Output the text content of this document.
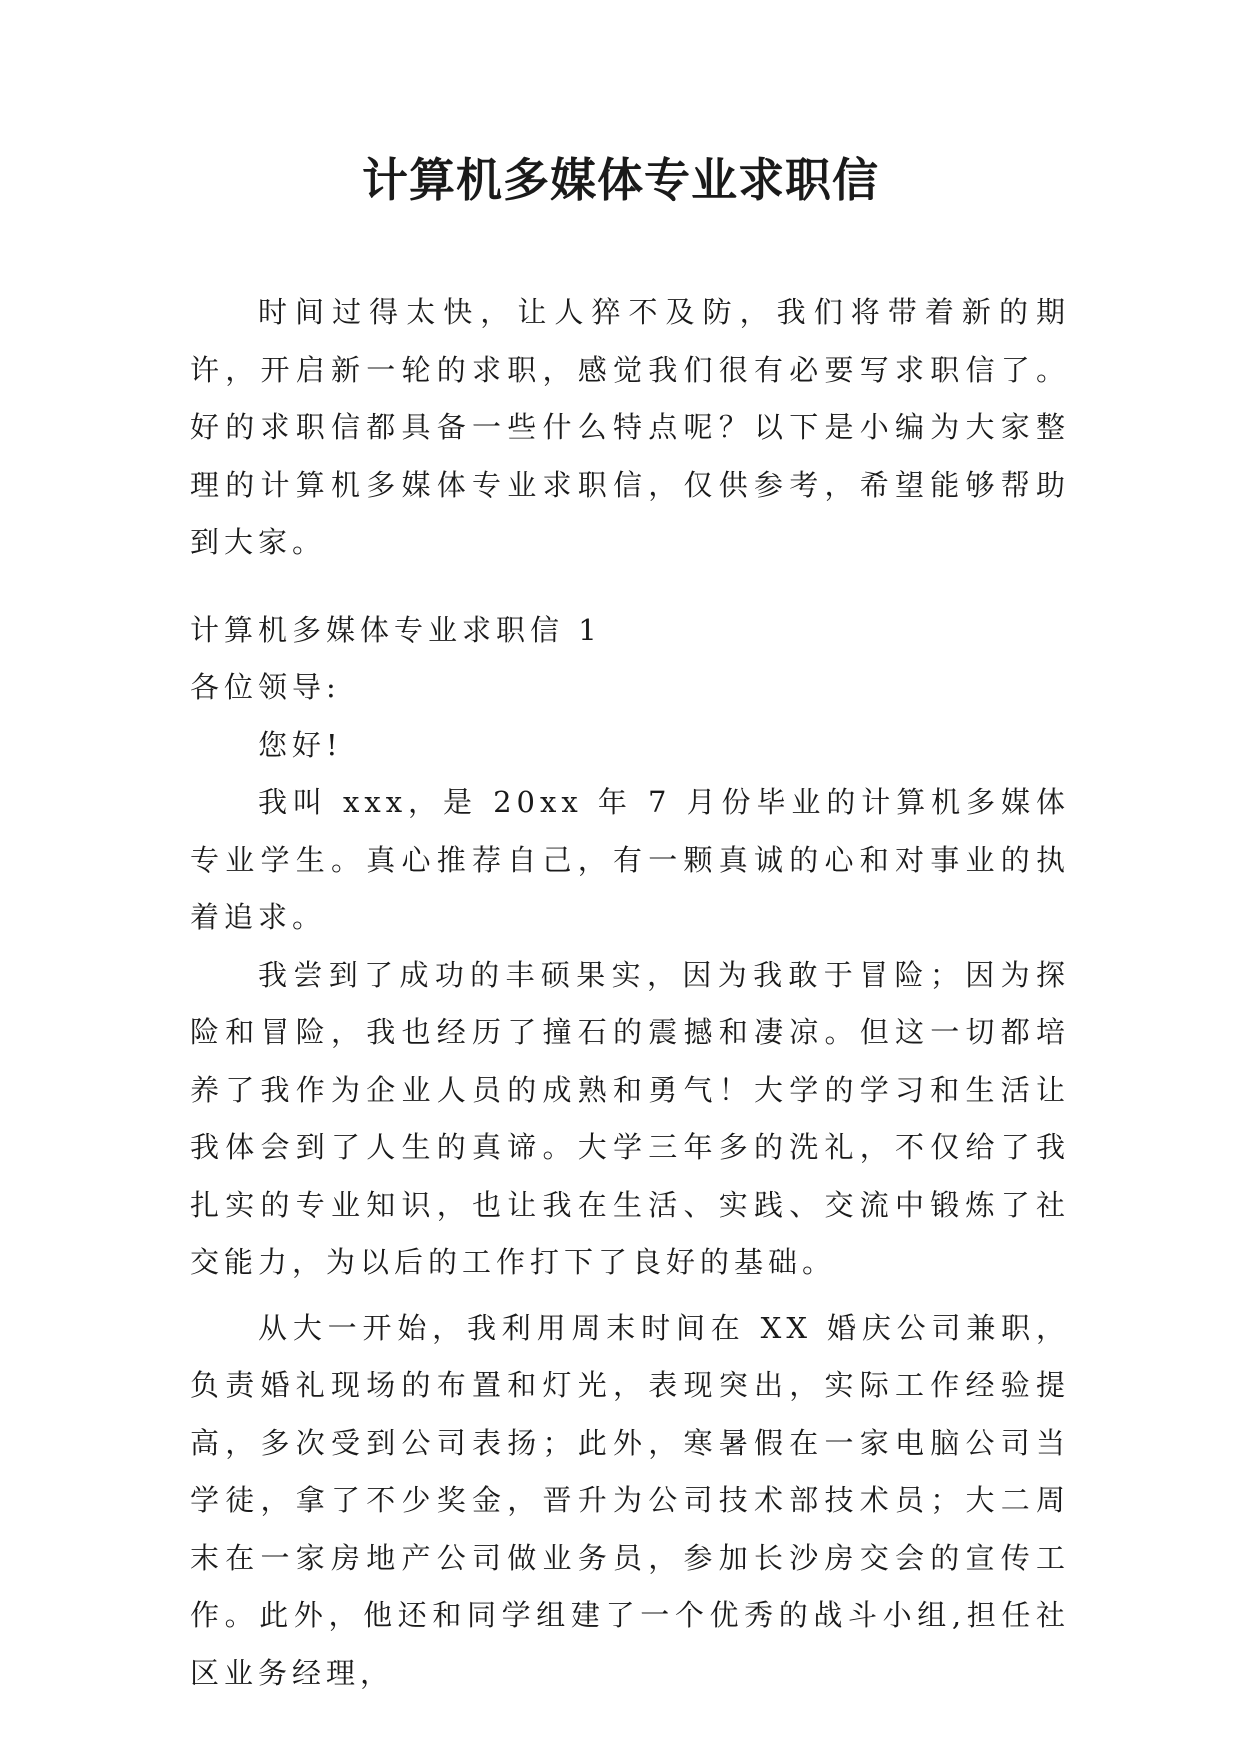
计算机多媒体专业求职信

时间过得太快，让人猝不及防，我们将带着新的期许，开启新一轮的求职，感觉我们很有必要写求职信了。好的求职信都具备一些什么特点呢？以下是小编为大家整理的计算机多媒体专业求职信，仅供参考，希望能够帮助到大家。

计算机多媒体专业求职信 1

各位领导:

您好!

我叫 xxx，是 20xx 年 7 月份毕业的计算机多媒体专业学生。真心推荐自己，有一颗真诚的心和对事业的执着追求。

我尝到了成功的丰硕果实，因为我敢于冒险；因为探险和冒险，我也经历了撞石的震撼和凄凉。但这一切都培养了我作为企业人员的成熟和勇气！大学的学习和生活让我体会到了人生的真谛。大学三年多的洗礼，不仅给了我扎实的专业知识，也让我在生活、实践、交流中锻炼了社交能力，为以后的工作打下了良好的基础。

从大一开始，我利用周末时间在 XX 婚庆公司兼职，负责婚礼现场的布置和灯光，表现突出，实际工作经验提高，多次受到公司表扬；此外，寒暑假在一家电脑公司当学徒，拿了不少奖金，晋升为公司技术部技术员；大二周末在一家房地产公司做业务员，参加长沙房交会的宣传工作。此外，他还和同学组建了一个优秀的战斗小组,担任社区业务经理，
